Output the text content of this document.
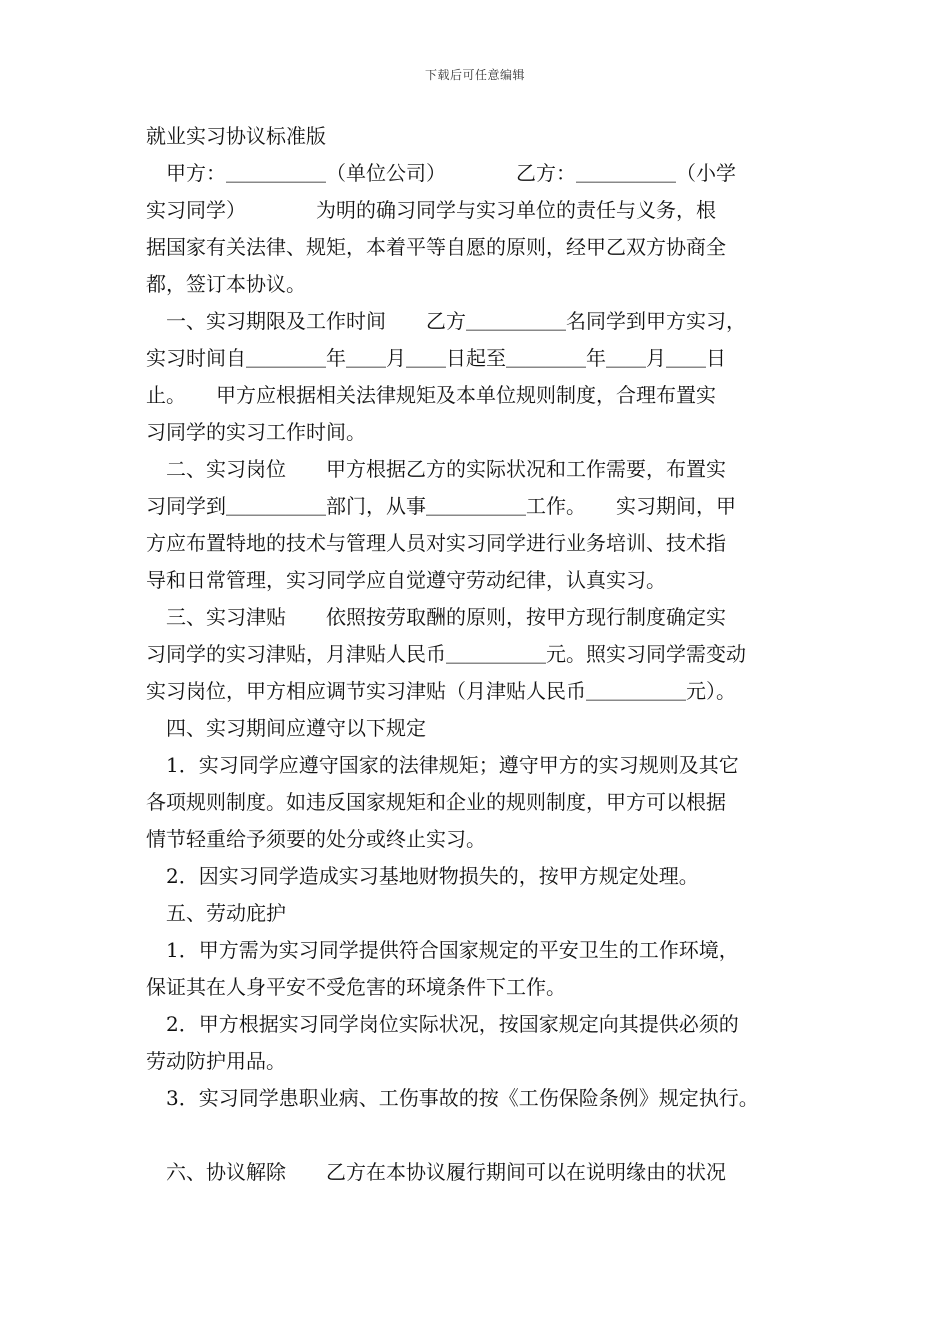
下载后可任意编辑
就业实习协议标准版
　甲方：＿＿＿＿＿（单位公司）　　　　乙方：＿＿＿＿＿（小学
实习同学）　　　　为明的确习同学与实习单位的责任与义务，根
据国家有关法律、规矩，本着平等自愿的原则，经甲乙双方协商全
都，签订本协议。
　一、实习期限及工作时间　　乙方＿＿＿＿＿名同学到甲方实习，
实习时间自＿＿＿＿年＿＿月＿＿日起至＿＿＿＿年＿＿月＿＿日
止。　　甲方应根据相关法律规矩及本单位规则制度，合理布置实
习同学的实习工作时间。
　二、实习岗位　　甲方根据乙方的实际状况和工作需要，布置实
习同学到＿＿＿＿＿部门，从事＿＿＿＿＿工作。　　实习期间，甲
方应布置特地的技术与管理人员对实习同学进行业务培训、技术指
导和日常管理，实习同学应自觉遵守劳动纪律，认真实习。
　三、实习津贴　　依照按劳取酬的原则，按甲方现行制度确定实
习同学的实习津贴，月津贴人民币＿＿＿＿＿元。照实习同学需变动
实习岗位，甲方相应调节实习津贴（月津贴人民币＿＿＿＿＿元）。
　四、实习期间应遵守以下规定
　1．实习同学应遵守国家的法律规矩；遵守甲方的实习规则及其它
各项规则制度。如违反国家规矩和企业的规则制度，甲方可以根据
情节轻重给予须要的处分或终止实习。
　2．因实习同学造成实习基地财物损失的，按甲方规定处理。
　五、劳动庇护
　1．甲方需为实习同学提供符合国家规定的平安卫生的工作环境，
保证其在人身平安不受危害的环境条件下工作。
　2．甲方根据实习同学岗位实际状况，按国家规定向其提供必须的
劳动防护用品。
　3．实习同学患职业病、工伤事故的按《工伤保险条例》规定执行。
　六、协议解除　　乙方在本协议履行期间可以在说明缘由的状况
